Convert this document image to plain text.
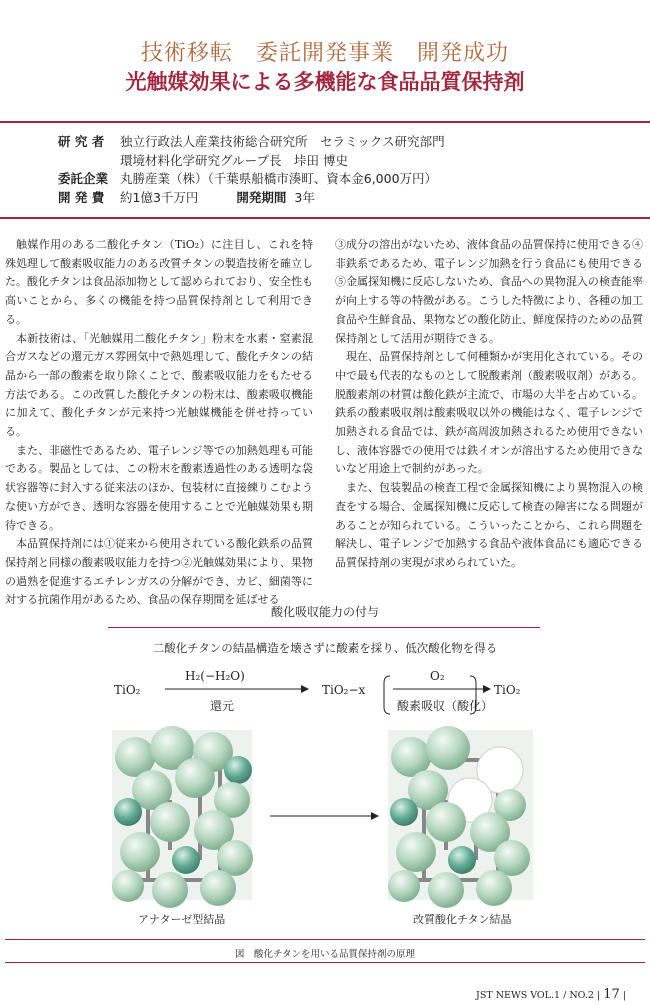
技術移転　委託開発事業　開発成功
光触媒効果による多機能な食品品質保持剤
研 究 者	独立行政法人産業技術総合研究所　セラミックス研究部門
環境材料化学研究グループ長　垰田 博史
委託企業 丸勝産業（株）（千葉県船橋市湊町、資本金6,000万円）
開 発 費	約1億3千万円	開発期間 3年

触媒作用のある二酸化チタン（TiO₂）に注目し、これを特殊処理して酸素吸収能力のある改質チタンの製造技術を確立した。酸化チタンは食品添加物として認められており、安全性も高いことから、多くの機能を持つ品質保持剤として利用できる。

本新技術は、「光触媒用二酸化チタン」粉末を水素・窒素混合ガスなどの還元ガス雰囲気中で熱処理して、酸化チタンの結晶から一部の酸素を取り除くことで、酸素吸収能力をもたせる方法である。この改質した酸化チタンの粉末は、酸素吸収機能に加えて、酸化チタンが元来持つ光触媒機能を併せ持っている。

また、非磁性であるため、電子レンジ等での加熱処理も可能である。製品としては、この粉末を酸素透過性のある透明な袋状容器等に封入する従来法のほか、包装材に直接練りこむような使い方ができ、透明な容器を使用することで光触媒効果も期待できる。

本品質保持剤には①従来から使用されている酸化鉄系の品質保持剤と同様の酸素吸収能力を持つ②光触媒効果により、果物の過熟を促進するエチレンガスの分解ができ、カビ、細菌等に対する抗菌作用があるため、食品の保存期間を延ばせる

③成分の溶出がないため、液体食品の品質保持に使用できる④非鉄系であるため、電子レンジ加熱を行う食品にも使用できる⑤金属探知機に反応しないため、食品への異物混入の検査能率が向上する等の特徴がある。こうした特徴により、各種の加工食品や生鮮食品、果物などの酸化防止、鮮度保持のための品質保持剤として活用が期待できる。

現在、品質保持剤として何種類かが実用化されている。その中で最も代表的なものとして脱酸素剤（酸素吸収剤）がある。脱酸素剤の材質は酸化鉄が主流で、市場の大半を占めている。鉄系の酸素吸収剤は酸素吸収以外の機能はなく、電子レンジで加熱される食品では、鉄が高周波加熱されるため使用できないし、液体容器での使用では鉄イオンが溶出するため使用できないなど用途上で制約があった。

また、包装製品の検査工程で金属探知機により異物混入の検査をする場合、金属探知機に反応して検査の障害になる問題があることが知られている。こういったことから、これら問題を解決し、電子レンジで加熱する食品や液体食品にも適応できる品質保持剤の実現が求められていた。

酸化吸収能力の付与
二酸化チタンの結晶構造を壊さずに酸素を採り、低次酸化物を得る
TiO₂
H₂(−H₂O)
還元
TiO₂−x
O₂
酸素吸収（酸化）
TiO₂
アナターゼ型結晶	改質酸化チタン結晶
図　酸化チタンを用いる品質保持剤の原理
JST NEWS VOL.1 / NO.2 | 17 |
